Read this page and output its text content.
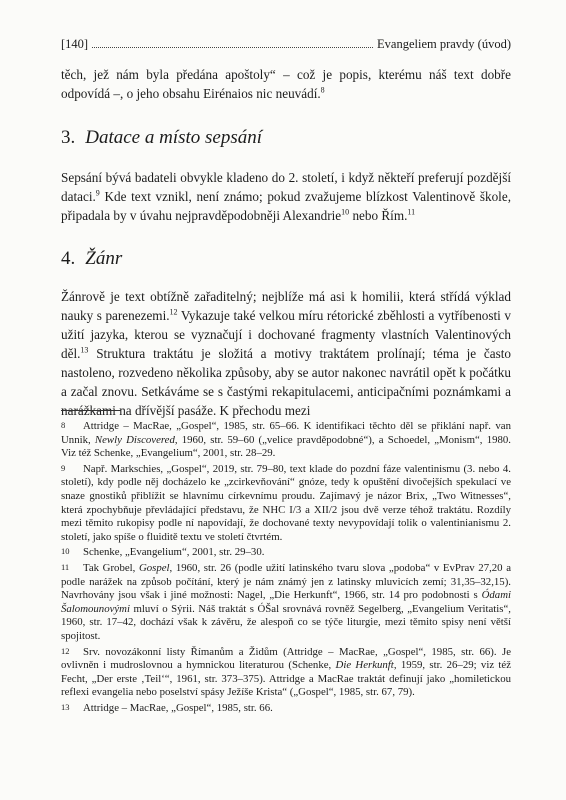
[140]	Evangeliem pravdy (úvod)
těch, jež nám byla předána apoštoly“ – což je popis, kterému náš text dobře odpovídá –, o jeho obsahu Eirénaios nic neuvádí.$^8$
3. Datace a místo sepsání
Sepsání bývá badateli obvykle kladeno do 2. století, i když někteří preferují pozdější dataci.$^9$ Kde text vznikl, není známo; pokud zvažujeme blízkost Valentinově škole, připadala by v úvahu nejpravděpodobněji Alexandrie$^{10}$ nebo Řím.$^{11}$
4. Žánr
Žánrově je text obtížně zařaditelný; nejblíže má asi k homilii, která střídá výklad nauky s parenezemi.$^{12}$ Vykazuje také velkou míru rétorické zběhlosti a vytříbenosti v užití jazyka, kterou se vyznačují i dochované fragmenty vlastních Valentinových děl.$^{13}$ Struktura traktátu je složitá a motivy traktátem prolínají; téma je často nastoleno, rozvedeno několika způsoby, aby se autor nakonec navrátil opět k počátku a začal znovu. Setkáváme se s častými rekapitulacemi, anticipačními poznámkami a narážkami na dřívější pasáže. K přechodu mezi
8 Attridge – MacRae, „Gospel“, 1985, str. 65–66. K identifikaci těchto děl se přiklání např. van Unnik, Newly Discovered, 1960, str. 59–60 („velice pravděpodobné“), a Schoedel, „Monism“, 1980. Viz též Schenke, „Evangelium“, 2001, str. 28–29.
9 Např. Markschies, „Gospel“, 2019, str. 79–80, text klade do pozdní fáze valentinismu (3. nebo 4. století), kdy podle něj docházelo ke „zcirkevňování“ gnóze, tedy k opuštění divočejších spekulací ve snaze gnostiků přiblížit se hlavnímu církevnímu proudu. Zajímavý je názor Brix, „Two Witnesses“, která zpochybňuje převládající představu, že NHC I/3 a XII/2 jsou dvě verze téhož traktátu. Rozdíly mezi těmito rukopisy podle ní napovídají, že dochované texty nevypovídají tolik o valentinianismu 2. století, jako spíše o fluiditě textu ve století čtvrtém.
10 Schenke, „Evangelium“, 2001, str. 29–30.
11 Tak Grobel, Gospel, 1960, str. 26 (podle užití latinského tvaru slova „podoba“ v EvPrav 27,20 a podle narážek na způsob počítání, který je nám známý jen z latinsky mluvicích zemí; 31,35–32,15). Navrhovány jsou však i jiné možnosti: Nagel, „Die Herkunft“, 1966, str. 14 pro podobnosti s Ódami Šalomounovými mluví o Sýrii. Náš traktát s ÓŠal srovnává rovněž Segelberg, „Evangelium Veritatis“, 1960, str. 17–42, dochází však k závěru, že alespoň co se týče liturgie, mezi těmito spisy není větší spojitost.
12 Srv. novozákonní listy Římanům a Židům (Attridge – MacRae, „Gospel“, 1985, str. 66). Je ovlivněn i mudroslovnou a hymnickou literaturou (Schenke, Die Herkunft, 1959, str. 26–29; viz též Fecht, „Der erste ‚Teil‘“, 1961, str. 373–375). Attridge a MacRae traktát definují jako „homiletickou reflexi evangelia nebo poselství spásy Ježíše Krista“ („Gospel“, 1985, str. 67, 79).
13 Attridge – MacRae, „Gospel“, 1985, str. 66.
